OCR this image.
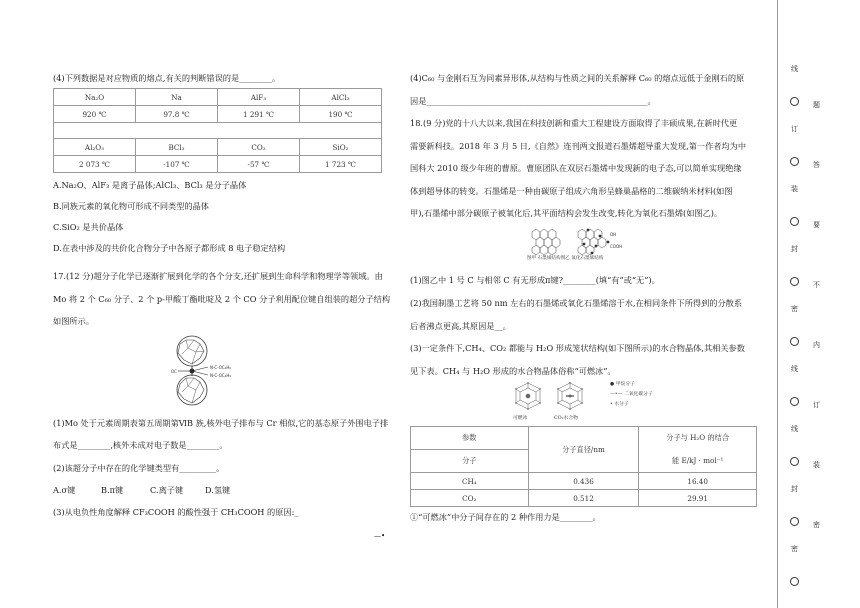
(4)下列数据是对应物质的熔点,有关的判断错误的是________。
Na₂O	Na	AlF₃	AlCl₃
920 ℃	97.8 ℃	1 291 ℃	190 ℃

Al₂O₃	BCl₃	CO₂	SiO₂
2 073 ℃	-107 ℃	-57 ℃	1 723 ℃
A.Na₂O、AlF₃ 是离子晶体;AlCl₃、BCl₃ 是分子晶体
B.同族元素的氧化物可形成不同类型的晶体
C.SiO₂ 是共价晶体
D.在表中涉及的共价化合物分子中各原子都形成 8 电子稳定结构
17.(12 分)超分子化学已逐渐扩展到化学的各个分支,还扩展到生命科学和物理学等领域。由
Mo 将 2 个 C₆₀ 分子、2 个 p-甲酸丁酯吡啶及 2 个 CO 分子利用配位键自组装的超分子结构
如图所示。
N-C-OC₄H₉
N-C-OC₄H₉
OC
(1)Mo 处于元素周期表第五周期第ⅥB 族,核外电子排布与 Cr 相似,它的基态原子外围电子排
布式是________,核外未成对电子数是________。
(2)该超分子中存在的化学键类型有_________。
A.σ键	B.π键	C.离子键	D.氢键
(3)从电负性角度解释 CF₃COOH 的酸性强于 CH₃COOH 的原因:_
—•
(4)C₆₀ 与金刚石互为同素异形体,从结构与性质之间的关系解释 C₆₀ 的熔点远低于金刚石的原
因是______________________________________________________。
18.(9 分)党的十八大以来,我国在科技创新和重大工程建设方面取得了丰硕成果,在新时代更
需要新科技。2018 年 3 月 5 日,《自然》连刊两文报道石墨烯超导重大发现,第一作者均为中
国科大 2010 级少年班的曹原。曹原团队在双层石墨烯中发现新的电子态,可以简单实现绝缘
体到超导体的转变。石墨烯是一种由碳原子组成六角形呈蜂巢晶格的二维碳纳米材料(如图
甲),石墨烯中部分碳原子被氧化后,其平面结构会发生改变,转化为氧化石墨烯(如图乙)。
OH
COOH
图甲 石墨烯结构图乙 氧化石墨烯结构
(1)图乙中 1 号 C 与相邻 C 有无形成π键?________(填“有”或“无”)。
(2)我国制墨工艺将 50 nm 左右的石墨烯或氧化石墨烯溶于水,在相同条件下所得到的分散系
后者沸点更高,其原因是__。
(3)一定条件下,CH₄、CO₂ 都能与 H₂O 形成笼状结构(如下图所示)的水合物晶体,其相关参数
见下表。CH₄ 与 H₂O 形成的水合物晶体俗称“可燃冰”。
可燃冰	CO₂水合物
● 甲烷分子
—•— 二氧化碳分子
• 水分子
参数	分子直径/nm	分子与 H₂O 的结合
分子		能 E/kJ · mol⁻¹
CH₄	0.436	16.40
CO₂	0.512	29.91
①“可燃冰”中分子间存在的 2 种作用力是________。
线
订
装
封
密
线
线
封
密
题
答
要
不
内
订
装
密
